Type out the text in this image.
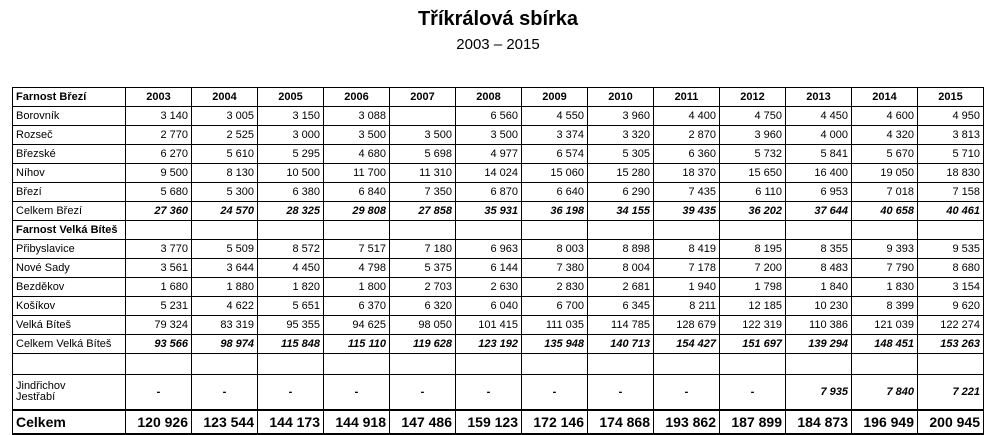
Tříkrálová sbírka
2003 – 2015
Farnost Březí	2003	2004	2005	2006	2007	2008	2009	2010	2011	2012	2013	2014	2015
Borovník	3 140	3 005	3 150	3 088		6 560	4 550	3 960	4 400	4 750	4 450	4 600	4 950
Rozseč	2 770	2 525	3 000	3 500	3 500	3 500	3 374	3 320	2 870	3 960	4 000	4 320	3 813
Březské	6 270	5 610	5 295	4 680	5 698	4 977	6 574	5 305	6 360	5 732	5 841	5 670	5 710
Níhov	9 500	8 130	10 500	11 700	11 310	14 024	15 060	15 280	18 370	15 650	16 400	19 050	18 830
Březí	5 680	5 300	6 380	6 840	7 350	6 870	6 640	6 290	7 435	6 110	6 953	7 018	7 158
Celkem Březí	27 360	24 570	28 325	29 808	27 858	35 931	36 198	34 155	39 435	36 202	37 644	40 658	40 461
Farnost Velká Bíteš													
Přibyslavice	3 770	5 509	8 572	7 517	7 180	6 963	8 003	8 898	8 419	8 195	8 355	9 393	9 535
Nové Sady	3 561	3 644	4 450	4 798	5 375	6 144	7 380	8 004	7 178	7 200	8 483	7 790	8 680
Bezděkov	1 680	1 880	1 820	1 800	2 703	2 630	2 830	2 681	1 940	1 798	1 840	1 830	3 154
Košíkov	5 231	4 622	5 651	6 370	6 320	6 040	6 700	6 345	8 211	12 185	10 230	8 399	9 620
Velká Bíteš	79 324	83 319	95 355	94 625	98 050	101 415	111 035	114 785	128 679	122 319	110 386	121 039	122 274
Celkem Velká Bíteš	93 566	98 974	115 848	115 110	119 628	123 192	135 948	140 713	154 427	151 697	139 294	148 451	153 263

Jindřichov
Jestřabí	-	-	-	-	-	-	-	-	-	-	7 935	7 840	7 221
Celkem	120 926	123 544	144 173	144 918	147 486	159 123	172 146	174 868	193 862	187 899	184 873	196 949	200 945
